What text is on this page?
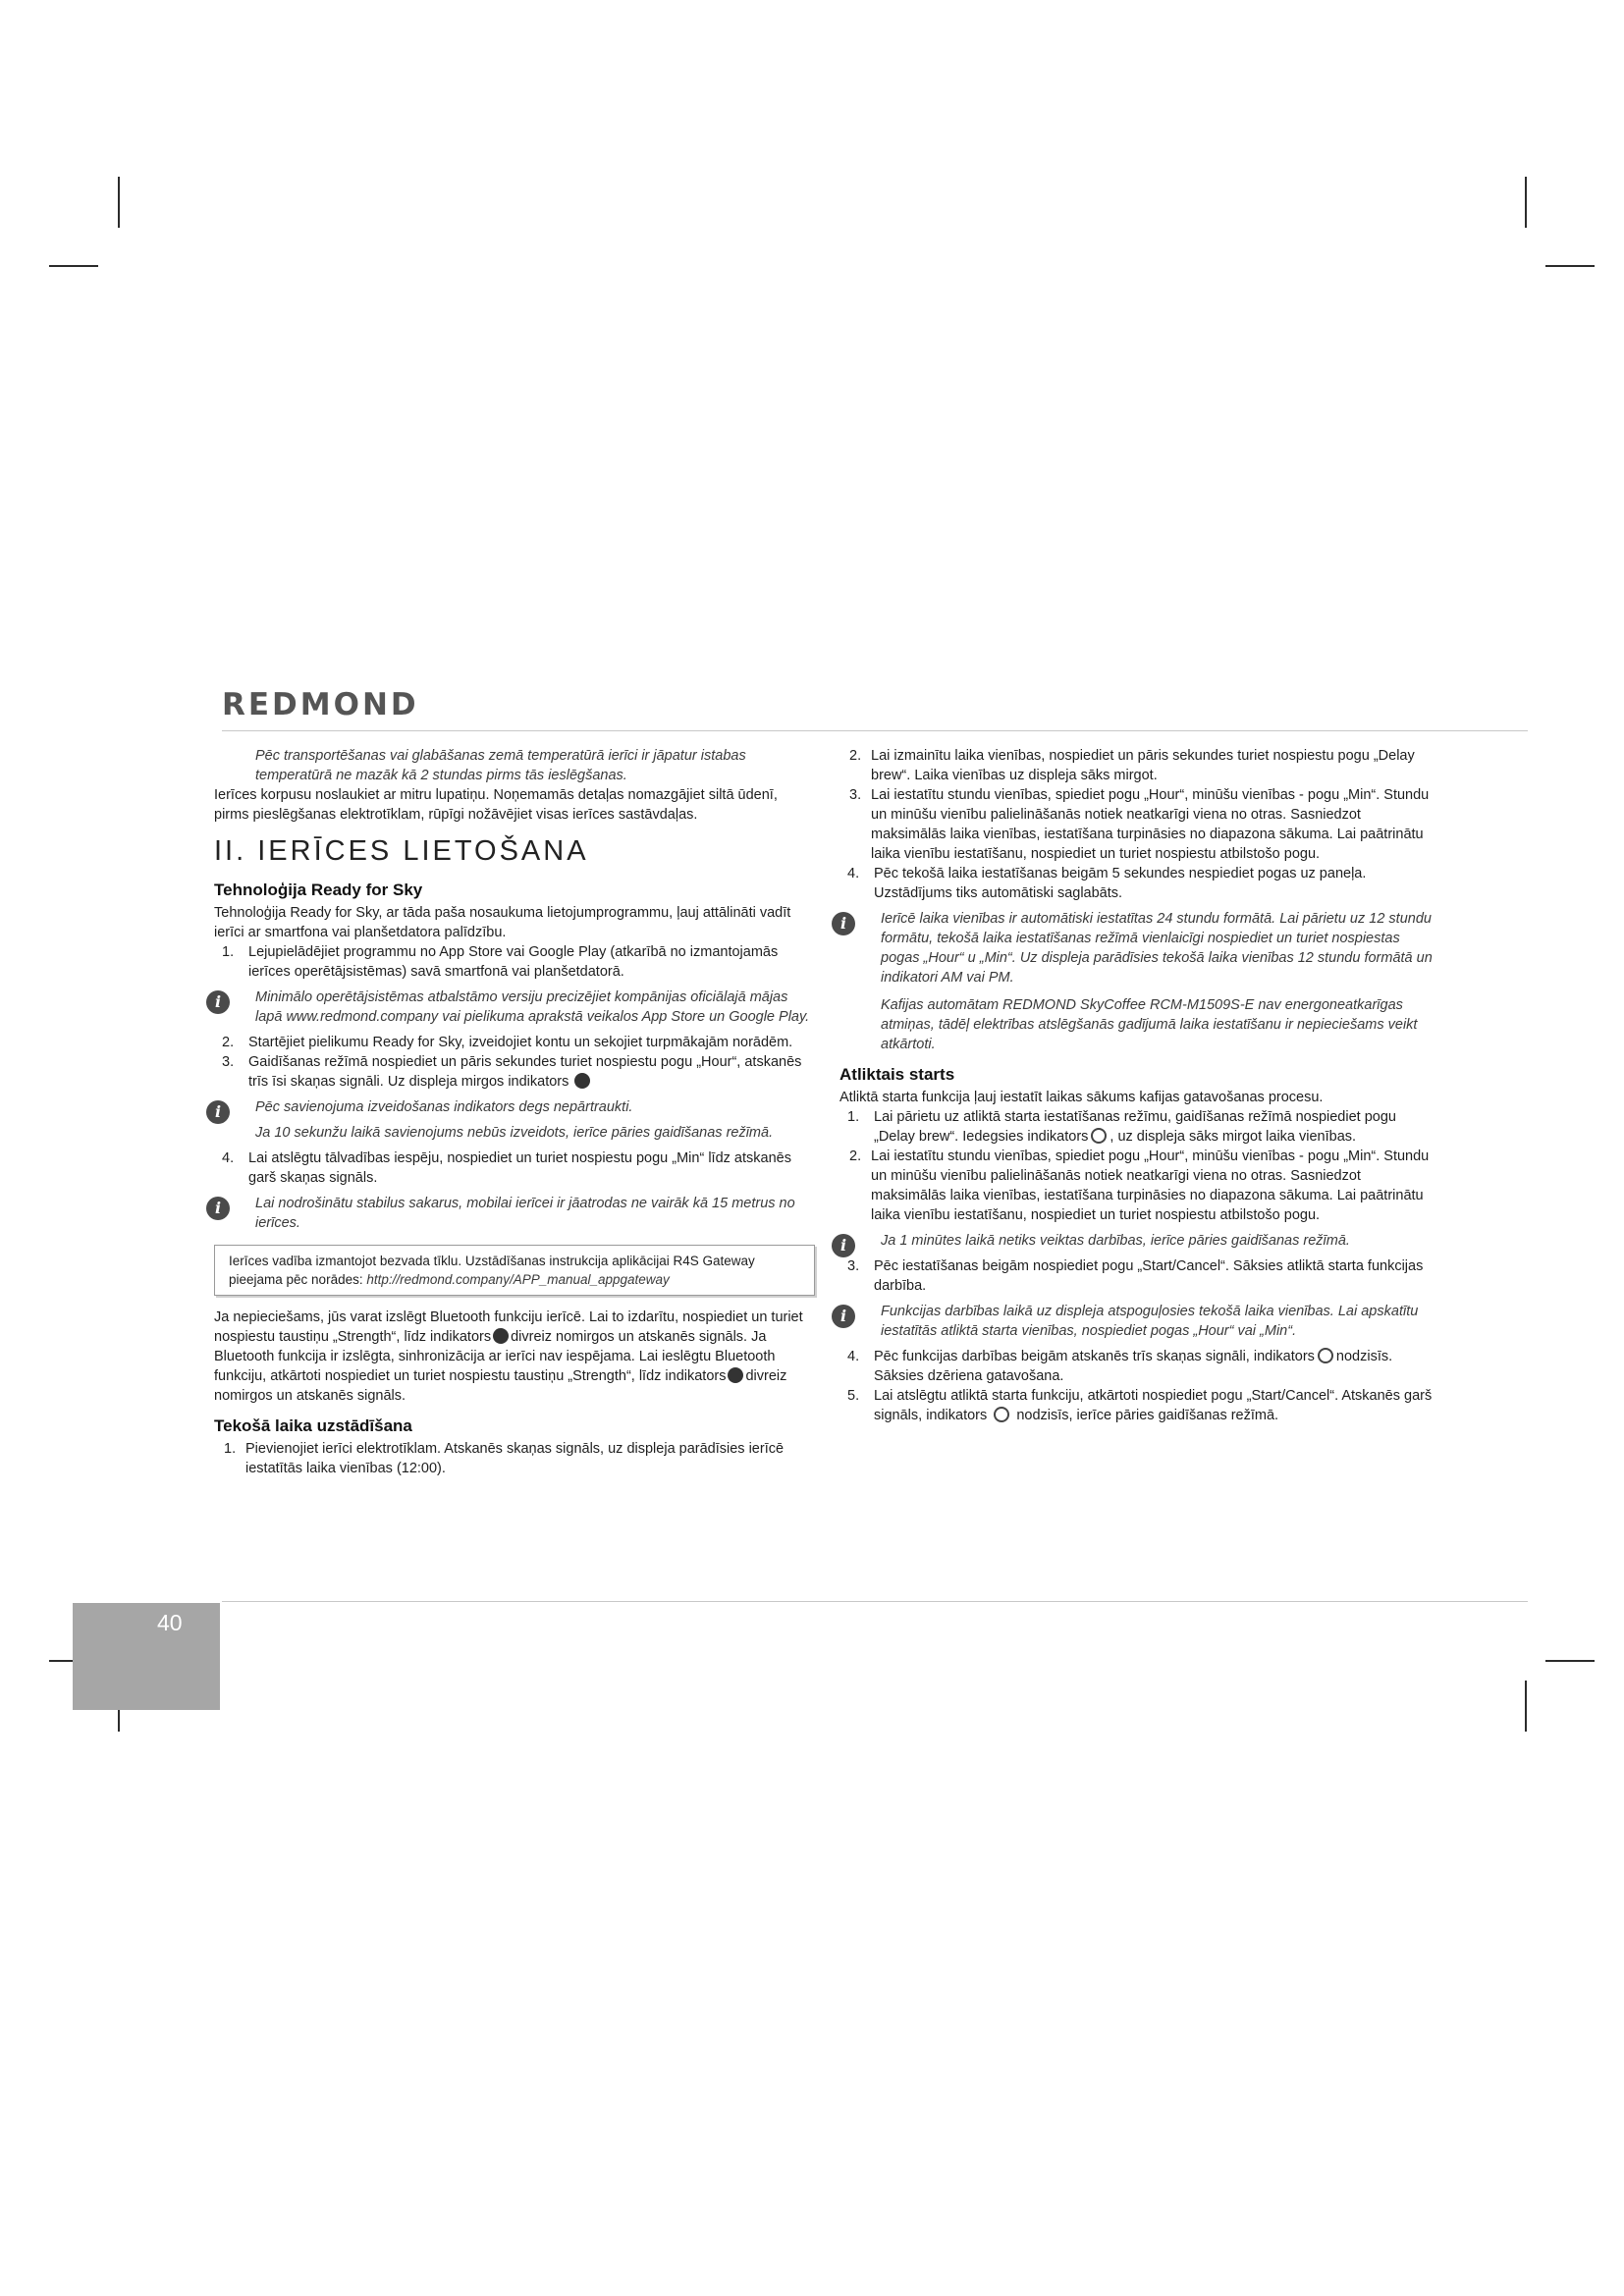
REDMOND

Pēc transportēšanas vai glabāšanas zemā temperatūrā ierīci ir jāpatur istabas temperatūrā ne mazāk kā 2 stundas pirms tās ieslēgšanas.

Ierīces korpusu noslaukiet ar mitru lupatiņu. Noņemamās detaļas nomazgājiet siltā ūdenī, pirms pieslēgšanas elektrotīklam, rūpīgi nožāvējiet visas ierīces sastāvdaļas.

II. IERĪCES LIETOŠANA
Tehnoloģija Ready for Sky

Tehnoloģija Ready for Sky, ar tāda paša nosaukuma lietojumprogrammu, ļauj attālināti vadīt ierīci ar smartfona vai planšetdatora palīdzību.

1.	Lejupielādējiet programmu no App Store vai Google Play (atkarībā no izmantojamās ierīces operētājsistēmas) savā smartfonā vai planšetdatorā.
i	Minimālo operētājsistēmas atbalstāmo versiju precizējiet kompānijas oficiālajā mājas lapā www.redmond.company vai pielikuma aprakstā veikalos App Store un Google Play.

2.	Startējiet pielikumu Ready for Sky, izveidojiet kontu un sekojiet turpmākajām norādēm.
3.	Gaidīšanas režīmā nospiediet un pāris sekundes turiet nospiestu pogu „Hour“, atskanēs trīs īsi skaņas signāli. Uz displeja mirgos indikators
i	Pēc savienojuma izveidošanas indikators degs nepārtraukti.

Ja 10 sekunžu laikā savienojums nebūs izveidots, ierīce pāries gaidīšanas režīmā.

4.	Lai atslēgtu tālvadības iespēju, nospiediet un turiet nospiestu pogu „Min“ līdz atskanēs garš skaņas signāls.
i	Lai nodrošinātu stabilus sakarus, mobilai ierīcei ir jāatrodas ne vairāk kā 15 metrus no ierīces.

Ierīces vadība izmantojot bezvada tīklu. Uzstādīšanas instrukcija aplikācijai R4S Gateway pieejama pēc norādes: http://redmond.company/APP_manual_appgateway

Ja nepieciešams, jūs varat izslēgt Bluetooth funkciju ierīcē. Lai to izdarītu, nospiediet un turiet nospiestu taustiņu „Strength“, līdz indikators divreiz nomirgos un atskanēs signāls. Ja Bluetooth funkcija ir izslēgta, sinhronizācija ar ierīci nav iespējama. Lai ieslēgtu Bluetooth funkciju, atkārtoti nospiediet un turiet nospiestu taustiņu „Strength“, līdz indikators divreiz nomirgos un atskanēs signāls.

Tekošā laika uzstādīšana
1. Pievienojiet ierīci elektrotīklam. Atskanēs skaņas signāls, uz displeja parādīsies ierīcē iestatītās laika vienības (12:00).
2. Lai izmainītu laika vienības, nospiediet un pāris sekundes turiet nospiestu pogu „Delay brew“. Laika vienības uz displeja sāks mirgot.
3. Lai iestatītu stundu vienības, spiediet pogu „Hour“, minūšu vienības - pogu „Min“. Stundu un minūšu vienību palielināšanās notiek neatkarīgi viena no otras. Sasniedzot maksimālās laika vienības, iestatīšana turpināsies no diapazona sākuma. Lai paātrinātu laika vienību iestatīšanu, nospiediet un turiet nospiestu atbilstošo pogu.
4.	Pēc tekošā laika iestatīšanas beigām 5 sekundes nespiediet pogas uz paneļa. Uzstādījums tiks automātiski saglabāts.
i	Ierīcē laika vienības ir automātiski iestatītas 24 stundu formātā. Lai pārietu uz 12 stundu formātu, tekošā laika iestatīšanas režīmā vienlaicīgi nospiediet un turiet nospiestas pogas „Hour“ u „Min“. Uz displeja parādīsies tekošā laika vienības 12 stundu formātā un indikatori AM vai PM.

Kafijas automātam REDMOND SkyCoffee RCM-M1509S-E nav energoneatkarīgas atmiņas, tādēļ elektrības atslēgšanās gadījumā laika iestatīšanu ir nepieciešams veikt atkārtoti.

Atliktais starts

Atliktā starta funkcija ļauj iestatīt laikas sākums kafijas gatavošanas procesu.

1.	Lai pārietu uz atliktā starta iestatīšanas režīmu, gaidīšanas režīmā nospiediet pogu „Delay brew“. Iedegsies indikators , uz displeja sāks mirgot laika vienības.
2. Lai iestatītu stundu vienības, spiediet pogu „Hour“, minūšu vienības - pogu „Min“. Stundu un minūšu vienību palielināšanās notiek neatkarīgi viena no otras. Sasniedzot maksimālās laika vienības, iestatīšana turpināsies no diapazona sākuma. Lai paātrinātu laika vienību iestatīšanu, nospiediet un turiet nospiestu atbilstošo pogu.
i	Ja 1 minūtes laikā netiks veiktas darbības, ierīce pāries gaidīšanas režīmā.

3.	Pēc iestatīšanas beigām nospiediet pogu „Start/Cancel“. Sāksies atliktā starta funkcijas darbība.
i	Funkcijas darbības laikā uz displeja atspoguļosies tekošā laika vienības. Lai apskatītu iestatītās atliktā starta vienības, nospiediet pogas „Hour“ vai „Min“.

4.	Pēc funkcijas darbības beigām atskanēs trīs skaņas signāli, indikators nodzisīs. Sāksies dzēriena gatavošana.
5.	Lai atslēgtu atliktā starta funkciju, atkārtoti nospiediet pogu „Start/Cancel“. Atskanēs garš signāls, indikators nodzisīs, ierīce pāries gaidīšanas režīmā.
40
